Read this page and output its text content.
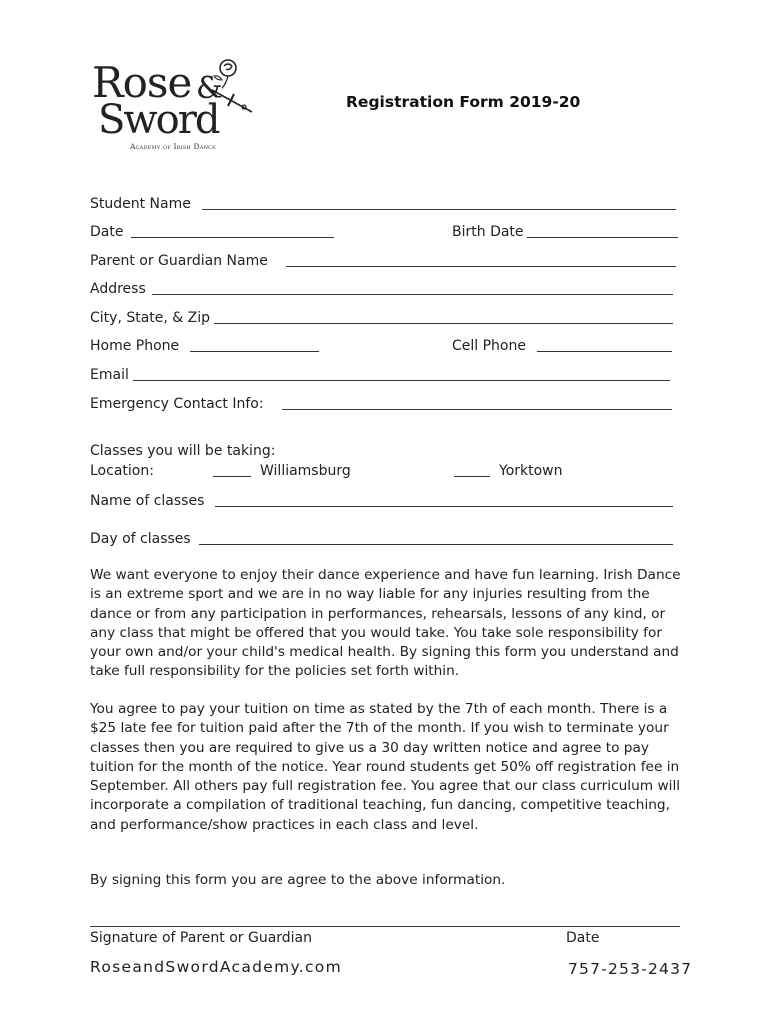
Rose
Sword
Academy of Irish Dance
&	Registration Form 2019-20
Student Name
Date	Birth Date
Parent or Guardian Name
Address
City, State, & Zip
Home Phone	Cell Phone
Email
Emergency Contact Info:
Classes you will be taking:
Location:	Williamsburg	Yorktown
Name of classes
Day of classes

We want everyone to enjoy their dance experience and have fun learning. Irish Dance is an extreme sport and we are in no way liable for any injuries resulting from the dance or from any participation in performances, rehearsals, lessons of any kind, or any class that might be offered that you would take. You take sole responsibility for your own and/or your child's medical health. By signing this form you understand and take full responsibility for the policies set forth within.

You agree to pay your tuition on time as stated by the 7th of each month. There is a $25 late fee for tuition paid after the 7th of the month. If you wish to terminate your classes then you are required to give us a 30 day written notice and agree to pay tuition for the month of the notice. Year round students get 50% off registration fee in September. All others pay full registration fee. You agree that our class curriculum will incorporate a compilation of traditional teaching, fun dancing, competitive teaching, and performance/show practices in each class and level.

By signing this form you are agree to the above information.

Signature of Parent or Guardian	Date
RoseandSwordAcademy.com	757-253-2437
